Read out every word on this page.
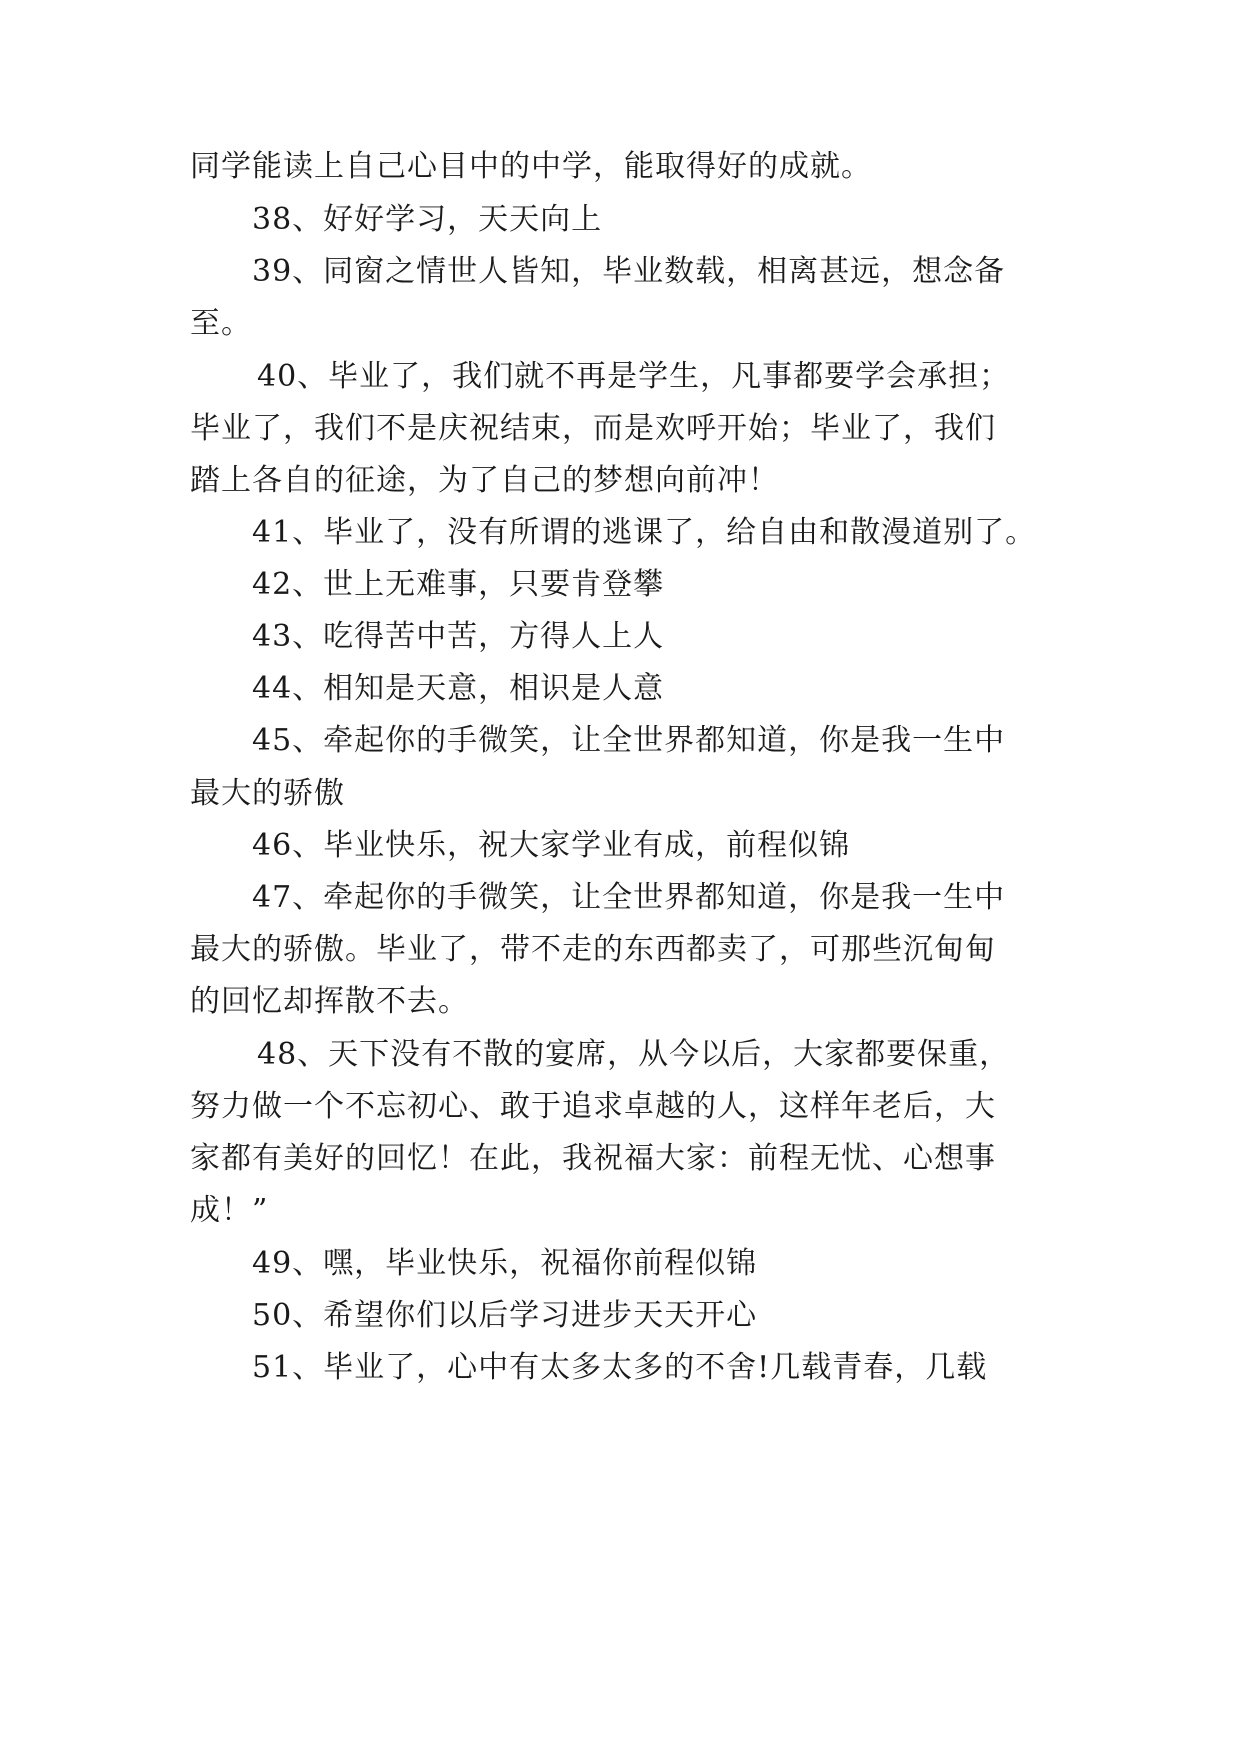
同学能读上自己心目中的中学，能取得好的成就。
38、好好学习，天天向上
39、同窗之情世人皆知，毕业数载，相离甚远，想念备
至。
40、毕业了，我们就不再是学生，凡事都要学会承担；
毕业了，我们不是庆祝结束，而是欢呼开始；毕业了，我们
踏上各自的征途，为了自己的梦想向前冲！
41、毕业了，没有所谓的逃课了，给自由和散漫道别了。
42、世上无难事，只要肯登攀
43、吃得苦中苦，方得人上人
44、相知是天意，相识是人意
45、牵起你的手微笑，让全世界都知道，你是我一生中
最大的骄傲
46、毕业快乐，祝大家学业有成，前程似锦
47、牵起你的手微笑，让全世界都知道，你是我一生中
最大的骄傲。毕业了，带不走的东西都卖了，可那些沉甸甸
的回忆却挥散不去。
48、天下没有不散的宴席，从今以后，大家都要保重，
努力做一个不忘初心、敢于追求卓越的人，这样年老后，大
家都有美好的回忆！在此，我祝福大家：前程无忧、心想事
成！”
49、嘿，毕业快乐，祝福你前程似锦
50、希望你们以后学习进步天天开心
51、毕业了，心中有太多太多的不舍!几载青春，几载
